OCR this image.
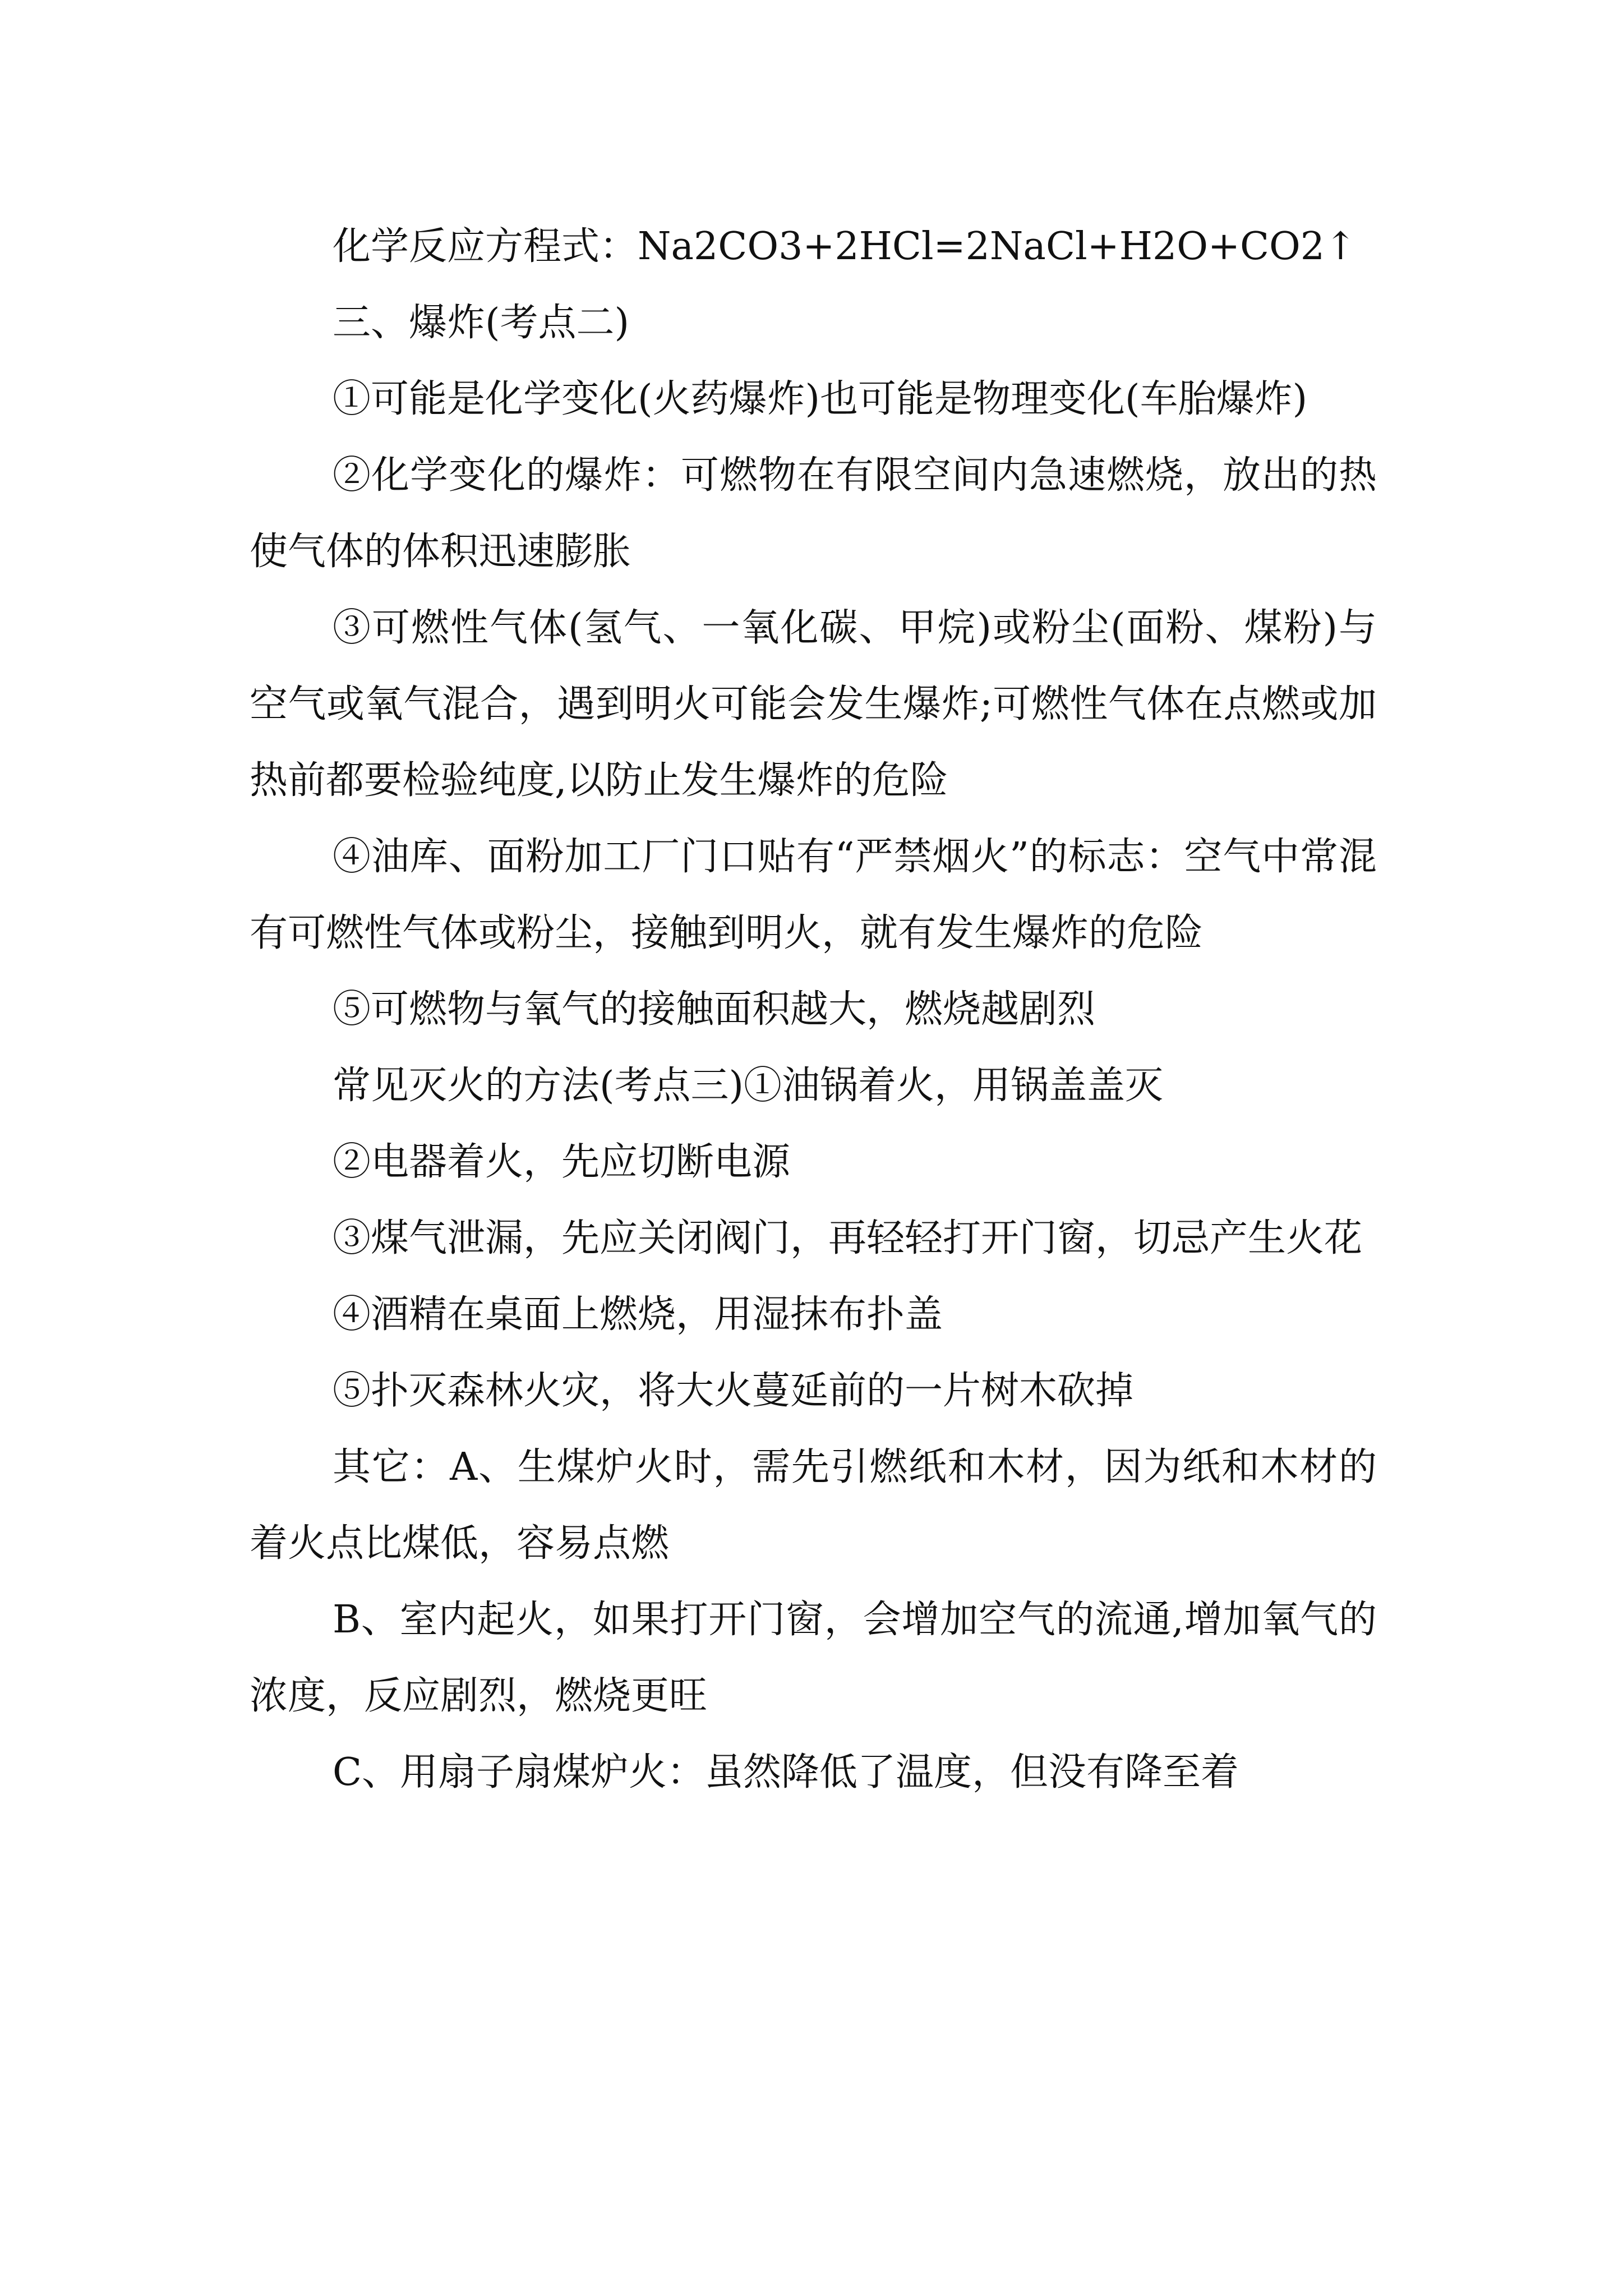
化学反应方程式：Na2CO3+2HCl=2NaCl+H2O+CO2↑

三、爆炸(考点二)

①可能是化学变化(火药爆炸)也可能是物理变化(车胎爆炸)

②化学变化的爆炸：可燃物在有限空间内急速燃烧，放出的热使气体的体积迅速膨胀

③可燃性气体(氢气、一氧化碳、甲烷)或粉尘(面粉、煤粉)与空气或氧气混合，遇到明火可能会发生爆炸;可燃性气体在点燃或加热前都要检验纯度,以防止发生爆炸的危险

④油库、面粉加工厂门口贴有“严禁烟火”的标志：空气中常混有可燃性气体或粉尘，接触到明火，就有发生爆炸的危险

⑤可燃物与氧气的接触面积越大，燃烧越剧烈

常见灭火的方法(考点三)①油锅着火，用锅盖盖灭

②电器着火，先应切断电源

③煤气泄漏，先应关闭阀门，再轻轻打开门窗，切忌产生火花

④酒精在桌面上燃烧，用湿抹布扑盖

⑤扑灭森林火灾，将大火蔓延前的一片树木砍掉

其它：A、生煤炉火时，需先引燃纸和木材，因为纸和木材的着火点比煤低，容易点燃

B、室内起火，如果打开门窗，会增加空气的流通,增加氧气的浓度，反应剧烈，燃烧更旺

C、用扇子扇煤炉火：虽然降低了温度，但没有降至着
